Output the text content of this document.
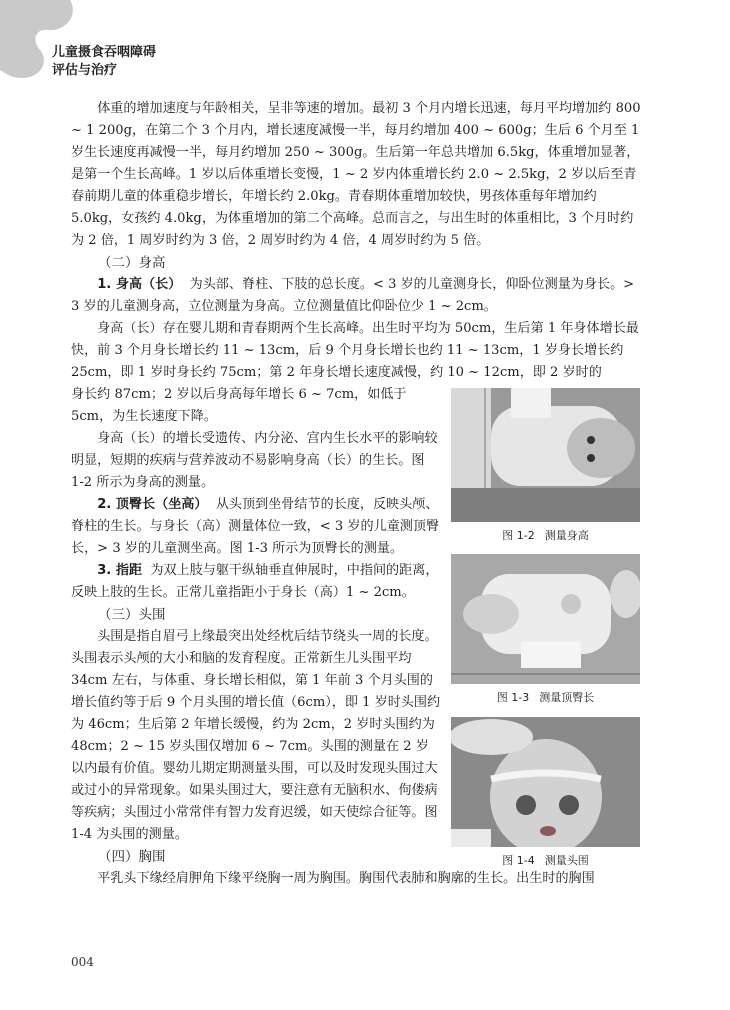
儿童摄食吞咽障碍
评估与治疗

体重的增加速度与年龄相关，呈非等速的增加。最初 3 个月内增长迅速，每月平均增加约 800 ~ 1 200g，在第二个 3 个月内，增长速度减慢一半，每月约增加 400 ~ 600g；生后 6 个月至 1 岁生长速度再减慢一半，每月约增加 250 ~ 300g。生后第一年总共增加 6.5kg，体重增加显著，是第一个生长高峰。1 岁以后体重增长变慢，1 ~ 2 岁内体重增长约 2.0 ~ 2.5kg，2 岁以后至青春前期儿童的体重稳步增长，年增长约 2.0kg。青春期体重增加较快，男孩体重每年增加约 5.0kg，女孩约 4.0kg，为体重增加的第二个高峰。总而言之，与出生时的体重相比，3 个月时约为 2 倍，1 周岁时约为 3 倍，2 周岁时约为 4 倍，4 周岁时约为 5 倍。

（二）身高

1. 身高（长） 为头部、脊柱、下肢的总长度。< 3 岁的儿童测身长，仰卧位测量为身长。> 3 岁的儿童测身高，立位测量为身高。立位测量值比仰卧位少 1 ~ 2cm。

身高（长）存在婴儿期和青春期两个生长高峰。出生时平均为 50cm，生后第 1 年身体增长最快，前 3 个月身长增长约 11 ~ 13cm，后 9 个月身长增长也约 11 ~ 13cm，1 岁身长增长约 25cm，即 1 岁时身长约 75cm；第 2 年身长增长速度减慢，约 10 ~ 12cm，即 2 岁时的

身长约 87cm；2 岁以后身高每年增长 6 ~ 7cm，如低于 5cm，为生长速度下降。

身高（长）的增长受遗传、内分泌、宫内生长水平的影响较明显，短期的疾病与营养波动不易影响身高（长）的生长。图 1-2 所示为身高的测量。

2. 顶臀长（坐高） 从头顶到坐骨结节的长度，反映头颅、脊柱的生长。与身长（高）测量体位一致，< 3 岁的儿童测顶臀长，> 3 岁的儿童测坐高。图 1-3 所示为顶臀长的测量。

3. 指距 为双上肢与躯干纵轴垂直伸展时，中指间的距离，反映上肢的生长。正常儿童指距小于身长（高）1 ~ 2cm。

（三）头围

头围是指自眉弓上缘最突出处经枕后结节绕头一周的长度。头围表示头颅的大小和脑的发育程度。正常新生儿头围平均 34cm 左右，与体重、身长增长相似，第 1 年前 3 个月头围的增长值约等于后 9 个月头围的增长值（6cm），即 1 岁时头围约为 46cm；生后第 2 年增长缓慢，约为 2cm，2 岁时头围约为 48cm；2 ~ 15 岁头围仅增加 6 ~ 7cm。头围的测量在 2 岁以内最有价值。婴幼儿期定期测量头围，可以及时发现头围过大或过小的异常现象。如果头围过大，要注意有无脑积水、佝偻病等疾病；头围过小常常伴有智力发育迟缓，如天使综合征等。图 1-4 为头围的测量。

（四）胸围

平乳头下缘经肩胛角下缘平绕胸一周为胸围。胸围代表肺和胸廓的生长。出生时的胸围

图 1-2 测量身高
图 1-3 测量顶臀长
图 1-4 测量头围
004
